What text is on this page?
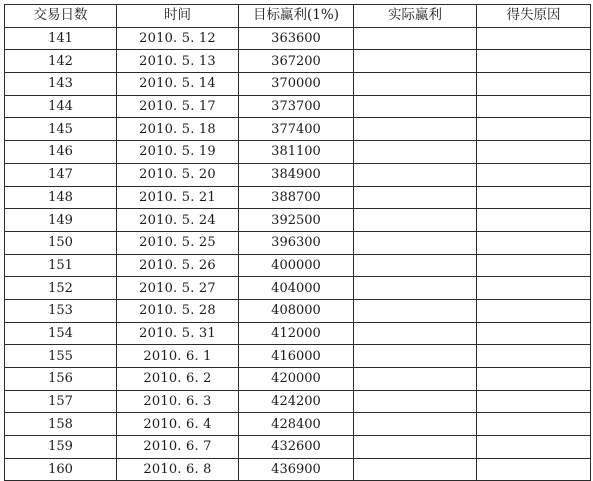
交易日数	时间	目标赢利(1%)	实际赢利	得失原因
141	2010. 5. 12	363600		
142	2010. 5. 13	367200		
143	2010. 5. 14	370000		
144	2010. 5. 17	373700		
145	2010. 5. 18	377400		
146	2010. 5. 19	381100		
147	2010. 5. 20	384900		
148	2010. 5. 21	388700		
149	2010. 5. 24	392500		
150	2010. 5. 25	396300		
151	2010. 5. 26	400000		
152	2010. 5. 27	404000		
153	2010. 5. 28	408000		
154	2010. 5. 31	412000		
155	2010. 6. 1	416000		
156	2010. 6. 2	420000		
157	2010. 6. 3	424200		
158	2010. 6. 4	428400		
159	2010. 6. 7	432600		
160	2010. 6. 8	436900		
